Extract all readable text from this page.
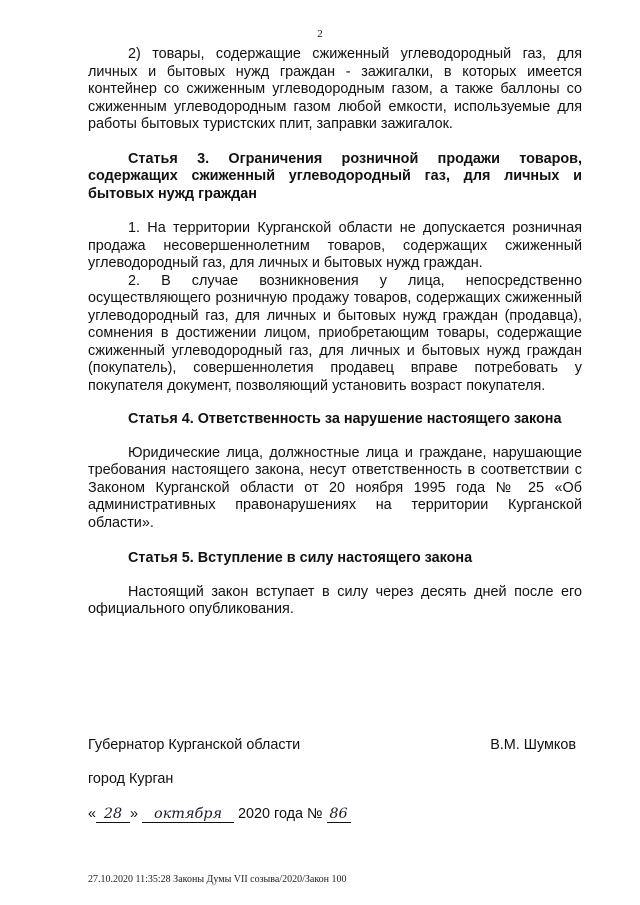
2

2) товары, содержащие сжиженный углеводородный газ, для личных и бытовых нужд граждан - зажигалки, в которых имеется контейнер со сжиженным углеводородным газом, а также баллоны со сжиженным углеводородным газом любой емкости, используемые для работы бытовых туристских плит, заправки зажигалок.

Статья 3. Ограничения розничной продажи товаров, содержащих сжиженный углеводородный газ, для личных и бытовых нужд граждан

1. На территории Курганской области не допускается розничная продажа несовершеннолетним товаров, содержащих сжиженный углеводородный газ, для личных и бытовых нужд граждан.

2. В случае возникновения у лица, непосредственно осуществляющего розничную продажу товаров, содержащих сжиженный углеводородный газ, для личных и бытовых нужд граждан (продавца), сомнения в достижении лицом, приобретающим товары, содержащие сжиженный углеводородный газ, для личных и бытовых нужд граждан (покупатель), совершеннолетия продавец вправе потребовать у покупателя документ, позволяющий установить возраст покупателя.

Статья 4. Ответственность за нарушение настоящего закона

Юридические лица, должностные лица и граждане, нарушающие требования настоящего закона, несут ответственность в соответствии с Законом Курганской области от 20 ноября 1995 года № 25 «Об административных правонарушениях на территории Курганской области».

Статья 5. Вступление в силу настоящего закона

Настоящий закон вступает в силу через десять дней после его официального опубликования.

Губернатор Курганской области	В.М. Шумков
город Курган
« 28 » октября 2020 года № 86
27.10.2020 11:35:28 Законы Думы VII созыва/2020/Закон 100
